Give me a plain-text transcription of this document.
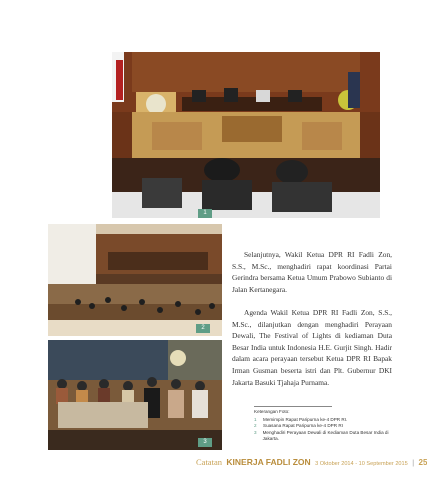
1
2
3

Selanjutnya, Wakil Ketua DPR RI Fadli Zon, S.S., M.Sc., menghadiri rapat koordinasi Partai Gerindra bersama Ketua Umum Prabowo Subianto di Jalan Kertanegara.

Agenda Wakil Ketua DPR RI Fadli Zon, S.S., M.Sc., dilanjutkan dengan menghadiri Perayaan Dewali, The Festival of Lights di kediaman Duta Besar India untuk Indonesia H.E. Gurjit Singh. Hadir dalam acara perayaan tersebut Ketua DPR RI Bapak Irman Gusman beserta istri dan Plt. Gubernur DKI Jakarta Basuki Tjahaja Purnama.

Keterangan Foto:
1	Memimpin Rapat Paripurna ke-4 DPR RI.
2	Suasana Rapat Paripurna ke-4 DPR RI
3	Menghadiri Perayaan Dewali di Kediaman Duta Besar India di Jakarta.
Catatan KINERJA FADLI ZON 3 Oktober 2014 - 10 September 2015 | 25
